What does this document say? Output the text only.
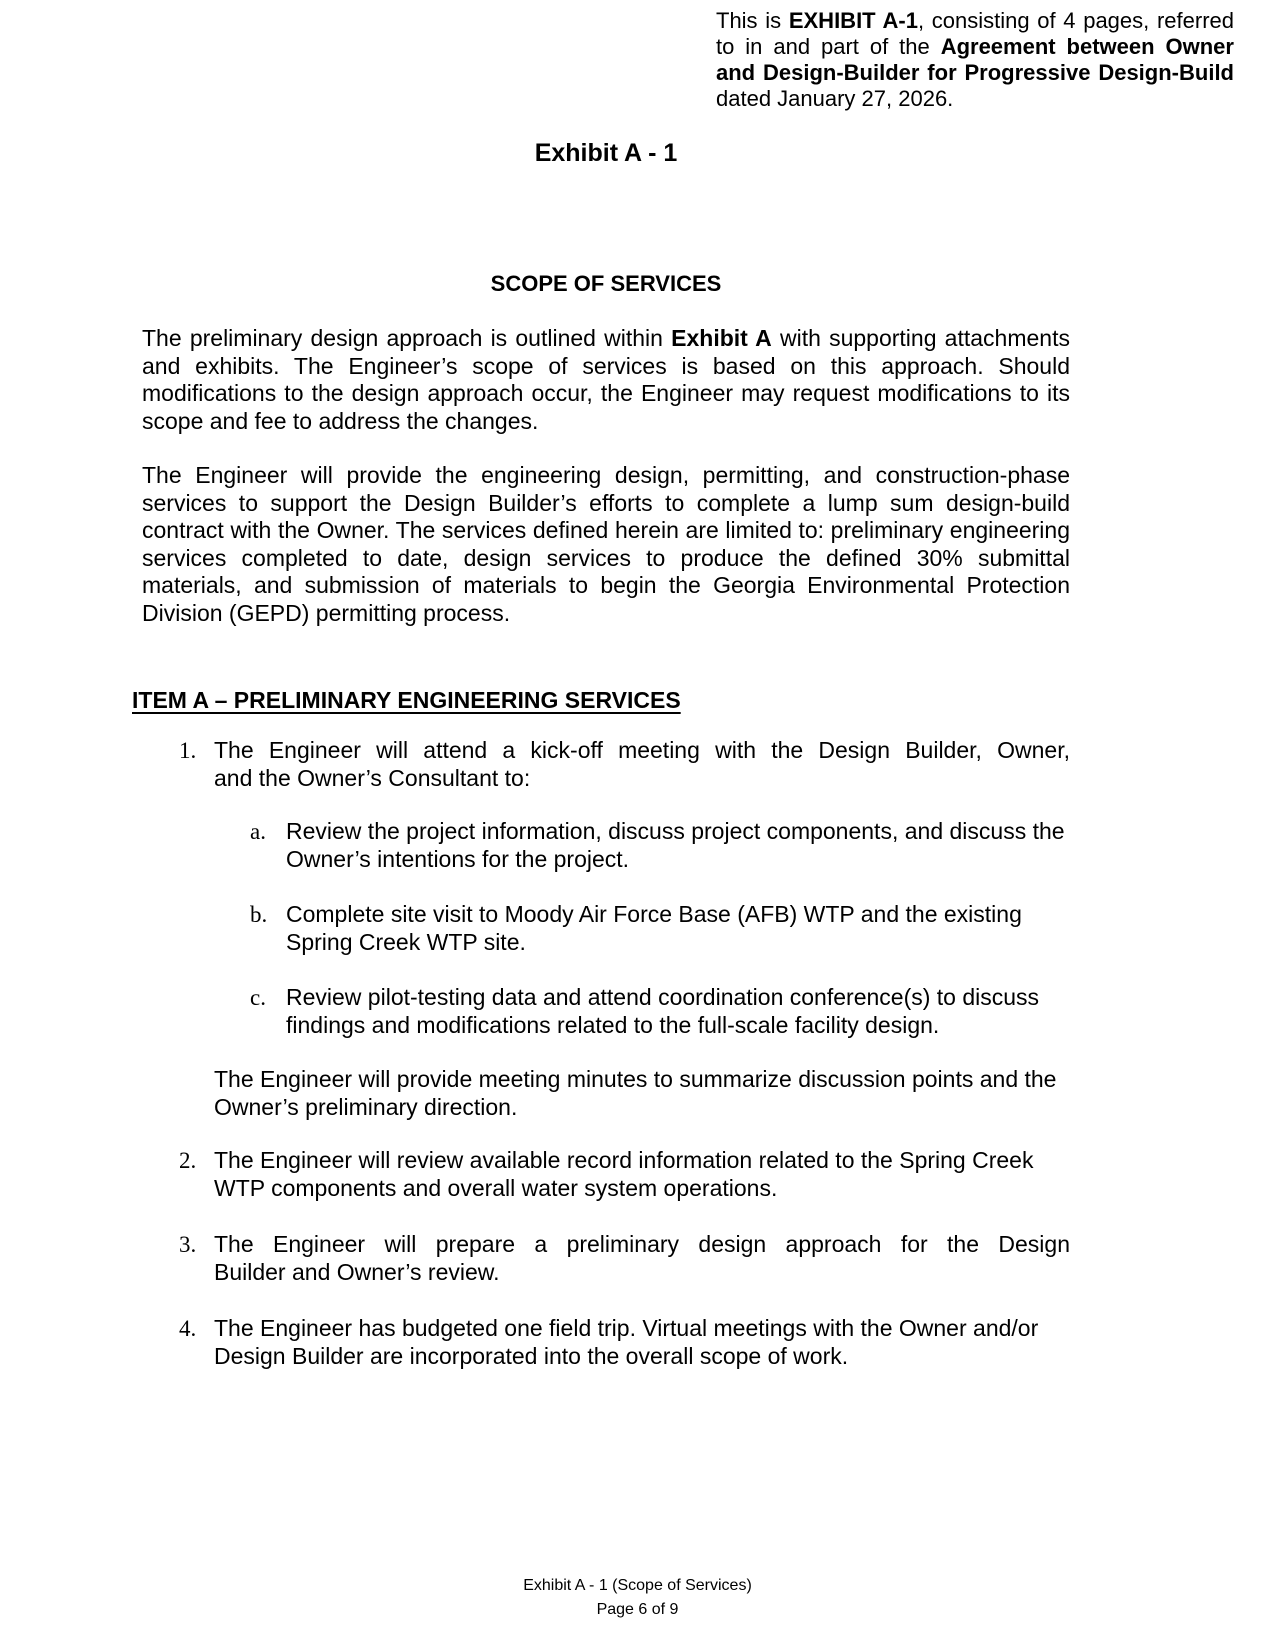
This is EXHIBIT A-1, consisting of 4 pages, referred to in and part of the Agreement between Owner and Design-Builder for Progressive Design-Build dated January 27, 2026.
Exhibit A - 1
SCOPE OF SERVICES

The preliminary design approach is outlined within Exhibit A with supporting attachments and exhibits. The Engineer’s scope of services is based on this approach. Should modifications to the design approach occur, the Engineer may request modifications to its scope and fee to address the changes.

The Engineer will provide the engineering design, permitting, and construction-phase services to support the Design Builder’s efforts to complete a lump sum design-build contract with the Owner. The services defined herein are limited to: preliminary engineering services completed to date, design services to produce the defined 30% submittal materials, and submission of materials to begin the Georgia Environmental Protection Division (GEPD) permitting process.

ITEM A – PRELIMINARY ENGINEERING SERVICES
1. The Engineer will attend a kick-off meeting with the Design Builder, Owner,
and the Owner’s Consultant to:
a. Review the project information, discuss project components, and discuss the Owner’s intentions for the project.
b. Complete site visit to Moody Air Force Base (AFB) WTP and the existing Spring Creek WTP site.
c. Review pilot-testing data and attend coordination conference(s) to discuss findings and modifications related to the full-scale facility design.

The Engineer will provide meeting minutes to summarize discussion points and the Owner’s preliminary direction.

2. The Engineer will review available record information related to the Spring Creek WTP components and overall water system operations.
3. The Engineer will prepare a preliminary design approach for the Design
Builder and Owner’s review.
4. The Engineer has budgeted one field trip. Virtual meetings with the Owner and/or Design Builder are incorporated into the overall scope of work.
Exhibit A - 1 (Scope of Services)
Page 6 of 9
